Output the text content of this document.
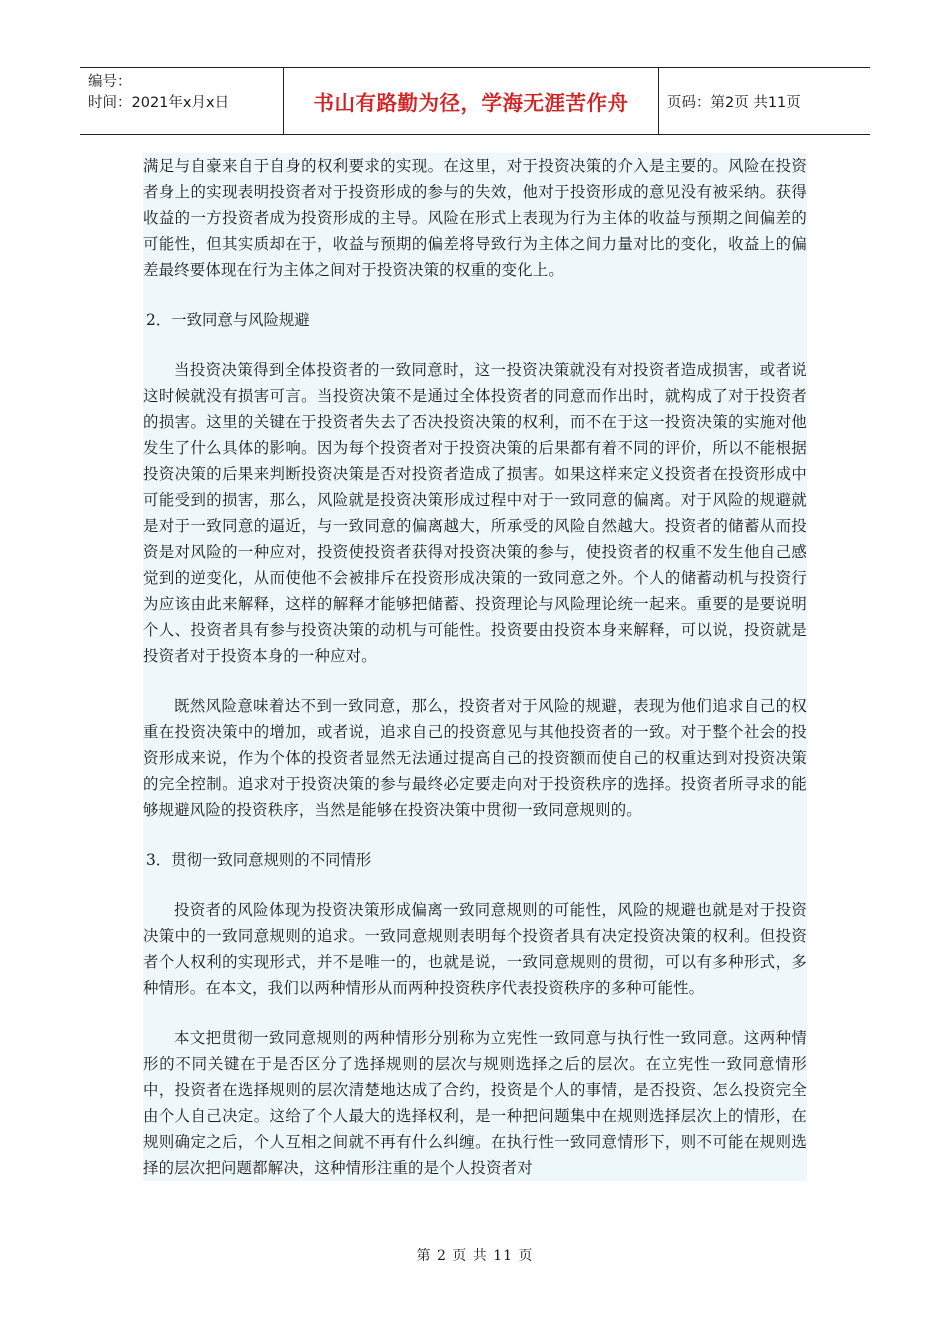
编号：
时间：2021年x月x日	书山有路勤为径，学海无涯苦作舟	页码：第2页 共11页

满足与自豪来自于自身的权利要求的实现。在这里，对于投资决策的介入是主要的。风险在投资者身上的实现表明投资者对于投资形成的参与的失效，他对于投资形成的意见没有被采纳。获得收益的一方投资者成为投资形成的主导。风险在形式上表现为行为主体的收益与预期之间偏差的可能性，但其实质却在于，收益与预期的偏差将导致行为主体之间力量对比的变化，收益上的偏差最终要体现在行为主体之间对于投资决策的权重的变化上。

2．一致同意与风险规避

当投资决策得到全体投资者的一致同意时，这一投资决策就没有对投资者造成损害，或者说这时候就没有损害可言。当投资决策不是通过全体投资者的同意而作出时，就构成了对于投资者的损害。这里的关键在于投资者失去了否决投资决策的权利，而不在于这一投资决策的实施对他发生了什么具体的影响。因为每个投资者对于投资决策的后果都有着不同的评价，所以不能根据投资决策的后果来判断投资决策是否对投资者造成了损害。如果这样来定义投资者在投资形成中可能受到的损害，那么，风险就是投资决策形成过程中对于一致同意的偏离。对于风险的规避就是对于一致同意的逼近，与一致同意的偏离越大，所承受的风险自然越大。投资者的储蓄从而投资是对风险的一种应对，投资使投资者获得对投资决策的参与，使投资者的权重不发生他自己感觉到的逆变化，从而使他不会被排斥在投资形成决策的一致同意之外。个人的储蓄动机与投资行为应该由此来解释，这样的解释才能够把储蓄、投资理论与风险理论统一起来。重要的是要说明个人、投资者具有参与投资决策的动机与可能性。投资要由投资本身来解释，可以说，投资就是投资者对于投资本身的一种应对。

既然风险意味着达不到一致同意，那么，投资者对于风险的规避，表现为他们追求自己的权重在投资决策中的增加，或者说，追求自己的投资意见与其他投资者的一致。对于整个社会的投资形成来说，作为个体的投资者显然无法通过提高自己的投资额而使自己的权重达到对投资决策的完全控制。追求对于投资决策的参与最终必定要走向对于投资秩序的选择。投资者所寻求的能够规避风险的投资秩序，当然是能够在投资决策中贯彻一致同意规则的。

3．贯彻一致同意规则的不同情形

投资者的风险体现为投资决策形成偏离一致同意规则的可能性，风险的规避也就是对于投资决策中的一致同意规则的追求。一致同意规则表明每个投资者具有决定投资决策的权利。但投资者个人权利的实现形式，并不是唯一的，也就是说，一致同意规则的贯彻，可以有多种形式，多种情形。在本文，我们以两种情形从而两种投资秩序代表投资秩序的多种可能性。

本文把贯彻一致同意规则的两种情形分别称为立宪性一致同意与执行性一致同意。这两种情形的不同关键在于是否区分了选择规则的层次与规则选择之后的层次。在立宪性一致同意情形中，投资者在选择规则的层次清楚地达成了合约，投资是个人的事情，是否投资、怎么投资完全由个人自己决定。这给了个人最大的选择权利，是一种把问题集中在规则选择层次上的情形，在规则确定之后，个人互相之间就不再有什么纠缠。在执行性一致同意情形下，则不可能在规则选择的层次把问题都解决，这种情形注重的是个人投资者对

第 2 页 共 11 页
